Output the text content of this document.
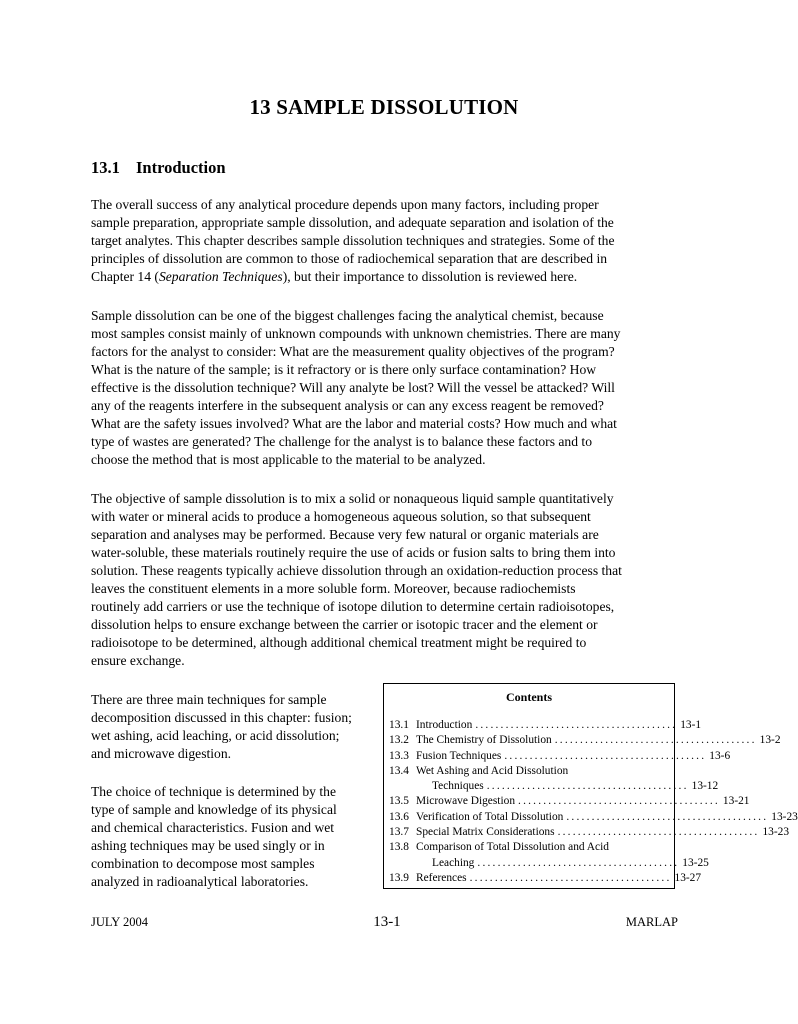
13 SAMPLE DISSOLUTION
13.1 Introduction

The overall success of any analytical procedure depends upon many factors, including proper
sample preparation, appropriate sample dissolution, and adequate separation and isolation of the
target analytes. This chapter describes sample dissolution techniques and strategies. Some of the
principles of dissolution are common to those of radiochemical separation that are described in
Chapter 14 (Separation Techniques), but their importance to dissolution is reviewed here.

Sample dissolution can be one of the biggest challenges facing the analytical chemist, because
most samples consist mainly of unknown compounds with unknown chemistries. There are many
factors for the analyst to consider: What are the measurement quality objectives of the program?
What is the nature of the sample; is it refractory or is there only surface contamination? How
effective is the dissolution technique? Will any analyte be lost? Will the vessel be attacked? Will
any of the reagents interfere in the subsequent analysis or can any excess reagent be removed?
What are the safety issues involved? What are the labor and material costs? How much and what
type of wastes are generated? The challenge for the analyst is to balance these factors and to
choose the method that is most applicable to the material to be analyzed.

The objective of sample dissolution is to mix a solid or nonaqueous liquid sample quantitatively
with water or mineral acids to produce a homogeneous aqueous solution, so that subsequent
separation and analyses may be performed. Because very few natural or organic materials are
water-soluble, these materials routinely require the use of acids or fusion salts to bring them into
solution. These reagents typically achieve dissolution through an oxidation-reduction process that
leaves the constituent elements in a more soluble form. Moreover, because radiochemists
routinely add carriers or use the technique of isotope dilution to determine certain radioisotopes,
dissolution helps to ensure exchange between the carrier or isotopic tracer and the element or
radioisotope to be determined, although additional chemical treatment might be required to
ensure exchange.

There are three main techniques for sample
decomposition discussed in this chapter: fusion;
wet ashing, acid leaching, or acid dissolution;
and microwave digestion.

The choice of technique is determined by the
type of sample and knowledge of its physical
and chemical characteristics. Fusion and wet
ashing techniques may be used singly or in
combination to decompose most samples
analyzed in radioanalytical laboratories.

Contents
13.1 Introduction ........................................ 13-1
13.2 The Chemistry of Dissolution ........................................ 13-2
13.3 Fusion Techniques ........................................ 13-6
13.4 Wet Ashing and Acid Dissolution
Techniques ........................................ 13-12
13.5 Microwave Digestion ........................................ 13-21
13.6 Verification of Total Dissolution ........................................ 13-23
13.7 Special Matrix Considerations ........................................ 13-23
13.8 Comparison of Total Dissolution and Acid
Leaching ........................................ 13-25
13.9 References ........................................ 13-27
JULY 2004	13-1	MARLAP
